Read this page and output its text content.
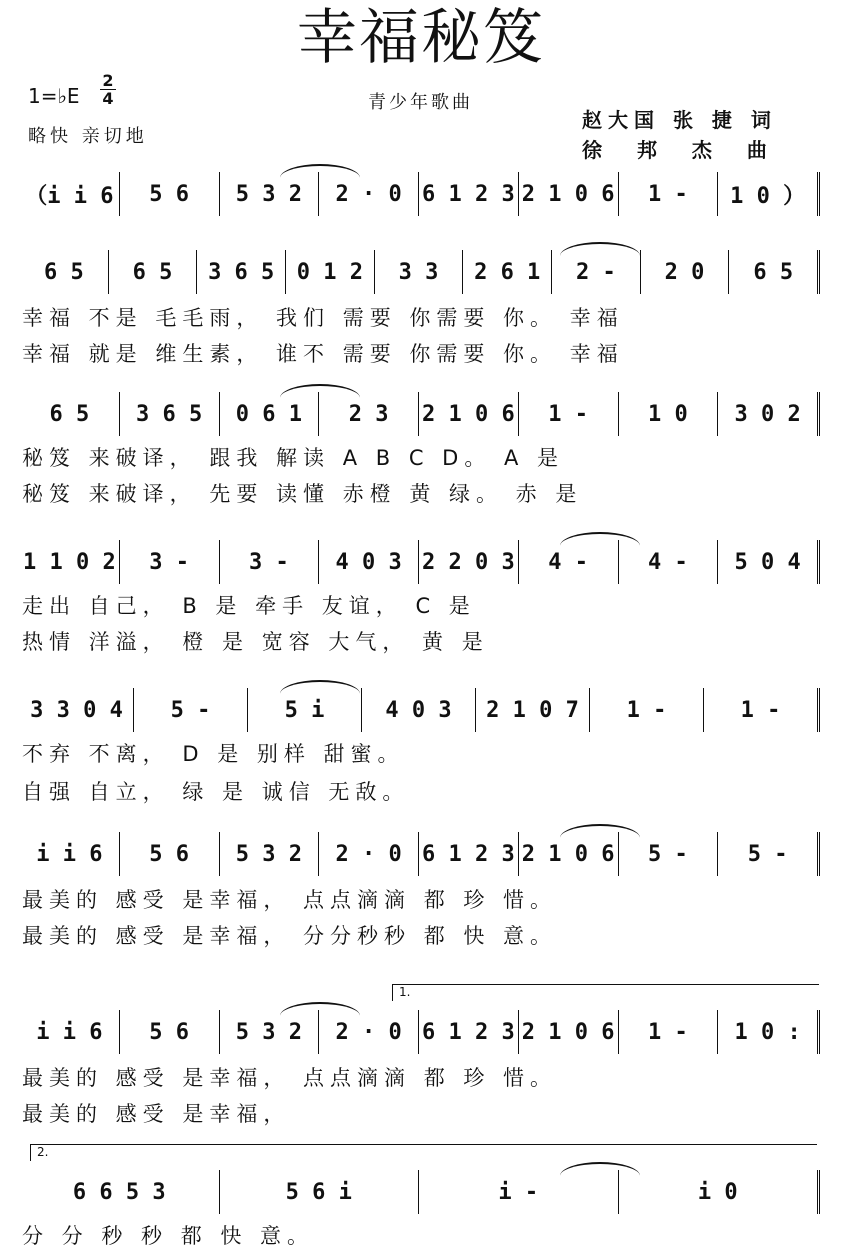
幸福秘笈
1=♭E
2
4
略快 亲切地
青少年歌曲
赵大国 张 捷 词
徐 邦 杰 曲
（i i 6	5 6	5 3 2	2 · 0 6 1 2 3 2 1 0 6	1 -	1 0 ）
6 5	6 5	3 6 5	0 1 2	3 3	2 6 1	2 -	2 0	6 5
幸福 不是 毛毛雨， 我们 需要 你需要 你。 幸福
幸福 就是 维生素， 谁不 需要 你需要 你。 幸福
6 5	3 6 5	0 6 1	2 3	2 1 0 6	1 -	1 0	3 0 2
秘笈 来破译， 跟我 解读 A B C D。 A 是
秘笈 来破译， 先要 读懂 赤橙 黄 绿。 赤 是
1 1 0 2	3 -	3 -	4 0 3 2 2 0 3	4 -	4 -	5 0 4
走出 自己， B 是 牵手 友谊， C 是
热情 洋溢， 橙 是 宽容 大气， 黄 是
3 3 0 4	5 -	5 i	4 0 3	2 1 0 7	1 -	1 -
不弃 不离， D 是 别样 甜蜜。
自强 自立， 绿 是 诚信 无敌。
i i 6	5 6	5 3 2	2 · 0 6 1 2 3 2 1 0 6	5 -	5 -
最美的 感受 是幸福， 点点滴滴 都 珍 惜。
最美的 感受 是幸福， 分分秒秒 都 快 意。
i i 6	5 6	5 3 2	2 · 0 6 1 2 3 2 1 0 6	1 -	1 0 :
1.
最美的 感受 是幸福， 点点滴滴 都 珍 惜。
最美的 感受 是幸福，
6 6 5 3	5 6 i	i -	i 0
2.
分 分 秒 秒 都 快 意。
